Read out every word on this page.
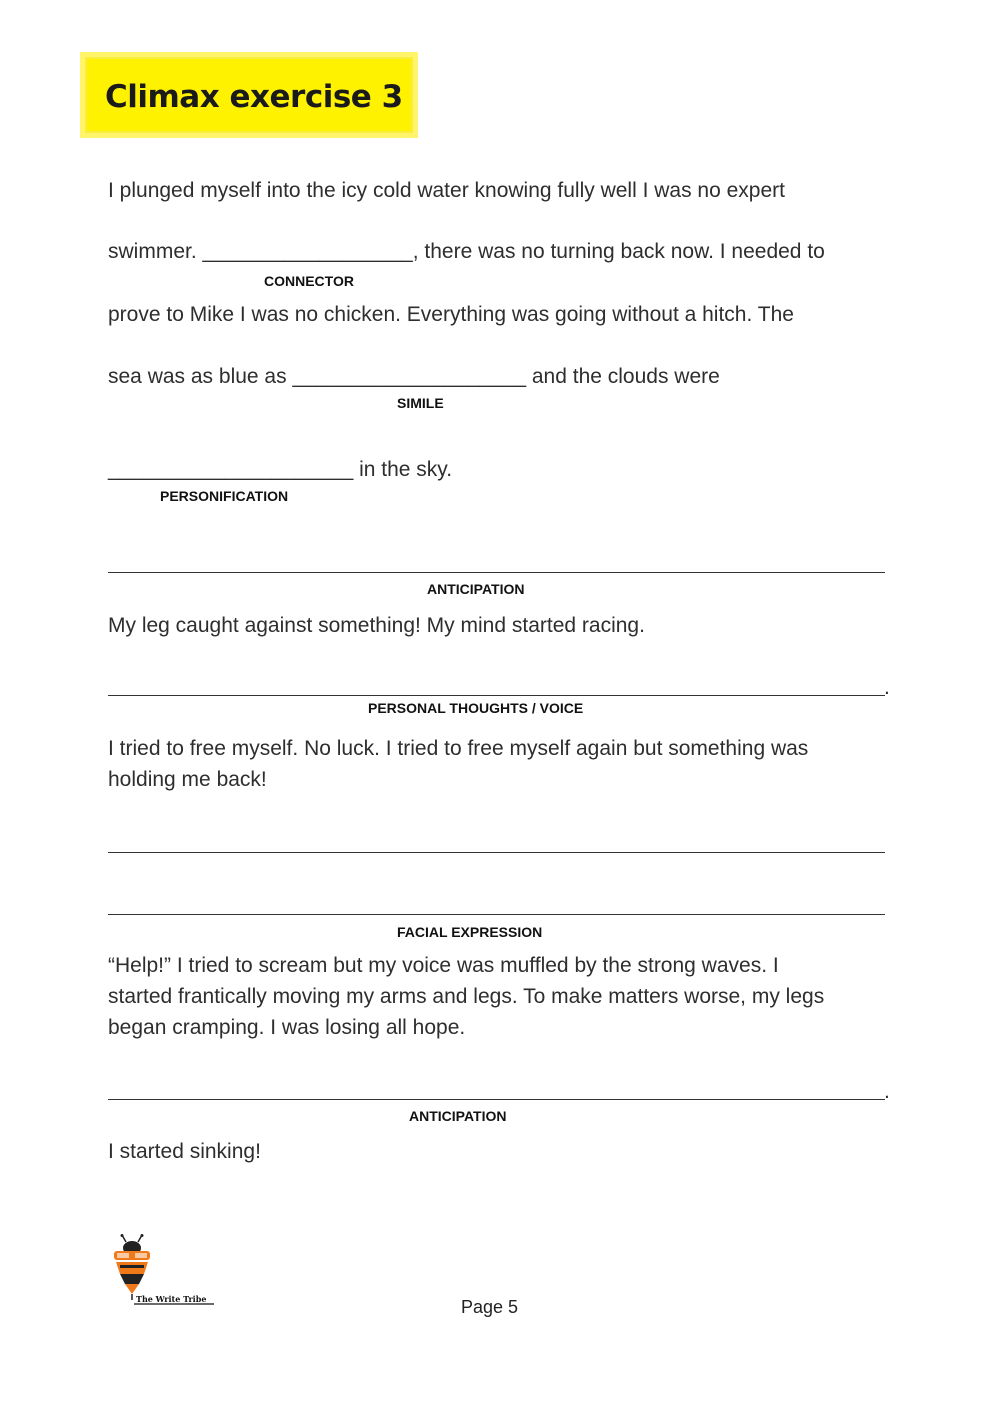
Climax exercise 3
I plunged myself into the icy cold water knowing fully well I was no expert
swimmer. __________________, there was no turning back now. I needed to
CONNECTOR
prove to Mike I was no chicken. Everything was going without a hitch. The
sea was as blue as ____________________ and the clouds were
SIMILE
_____________________ in the sky.
PERSONIFICATION
ANTICIPATION
My leg caught against something! My mind started racing.
.
PERSONAL THOUGHTS / VOICE
I tried to free myself. No luck. I tried to free myself again but something was
holding me back!
FACIAL EXPRESSION
“Help!” I tried to scream but my voice was muffled by the strong waves. I
started frantically moving my arms and legs. To make matters worse, my legs
began cramping. I was losing all hope.
.
ANTICIPATION
I started sinking!
The Write Tribe	Page 5
